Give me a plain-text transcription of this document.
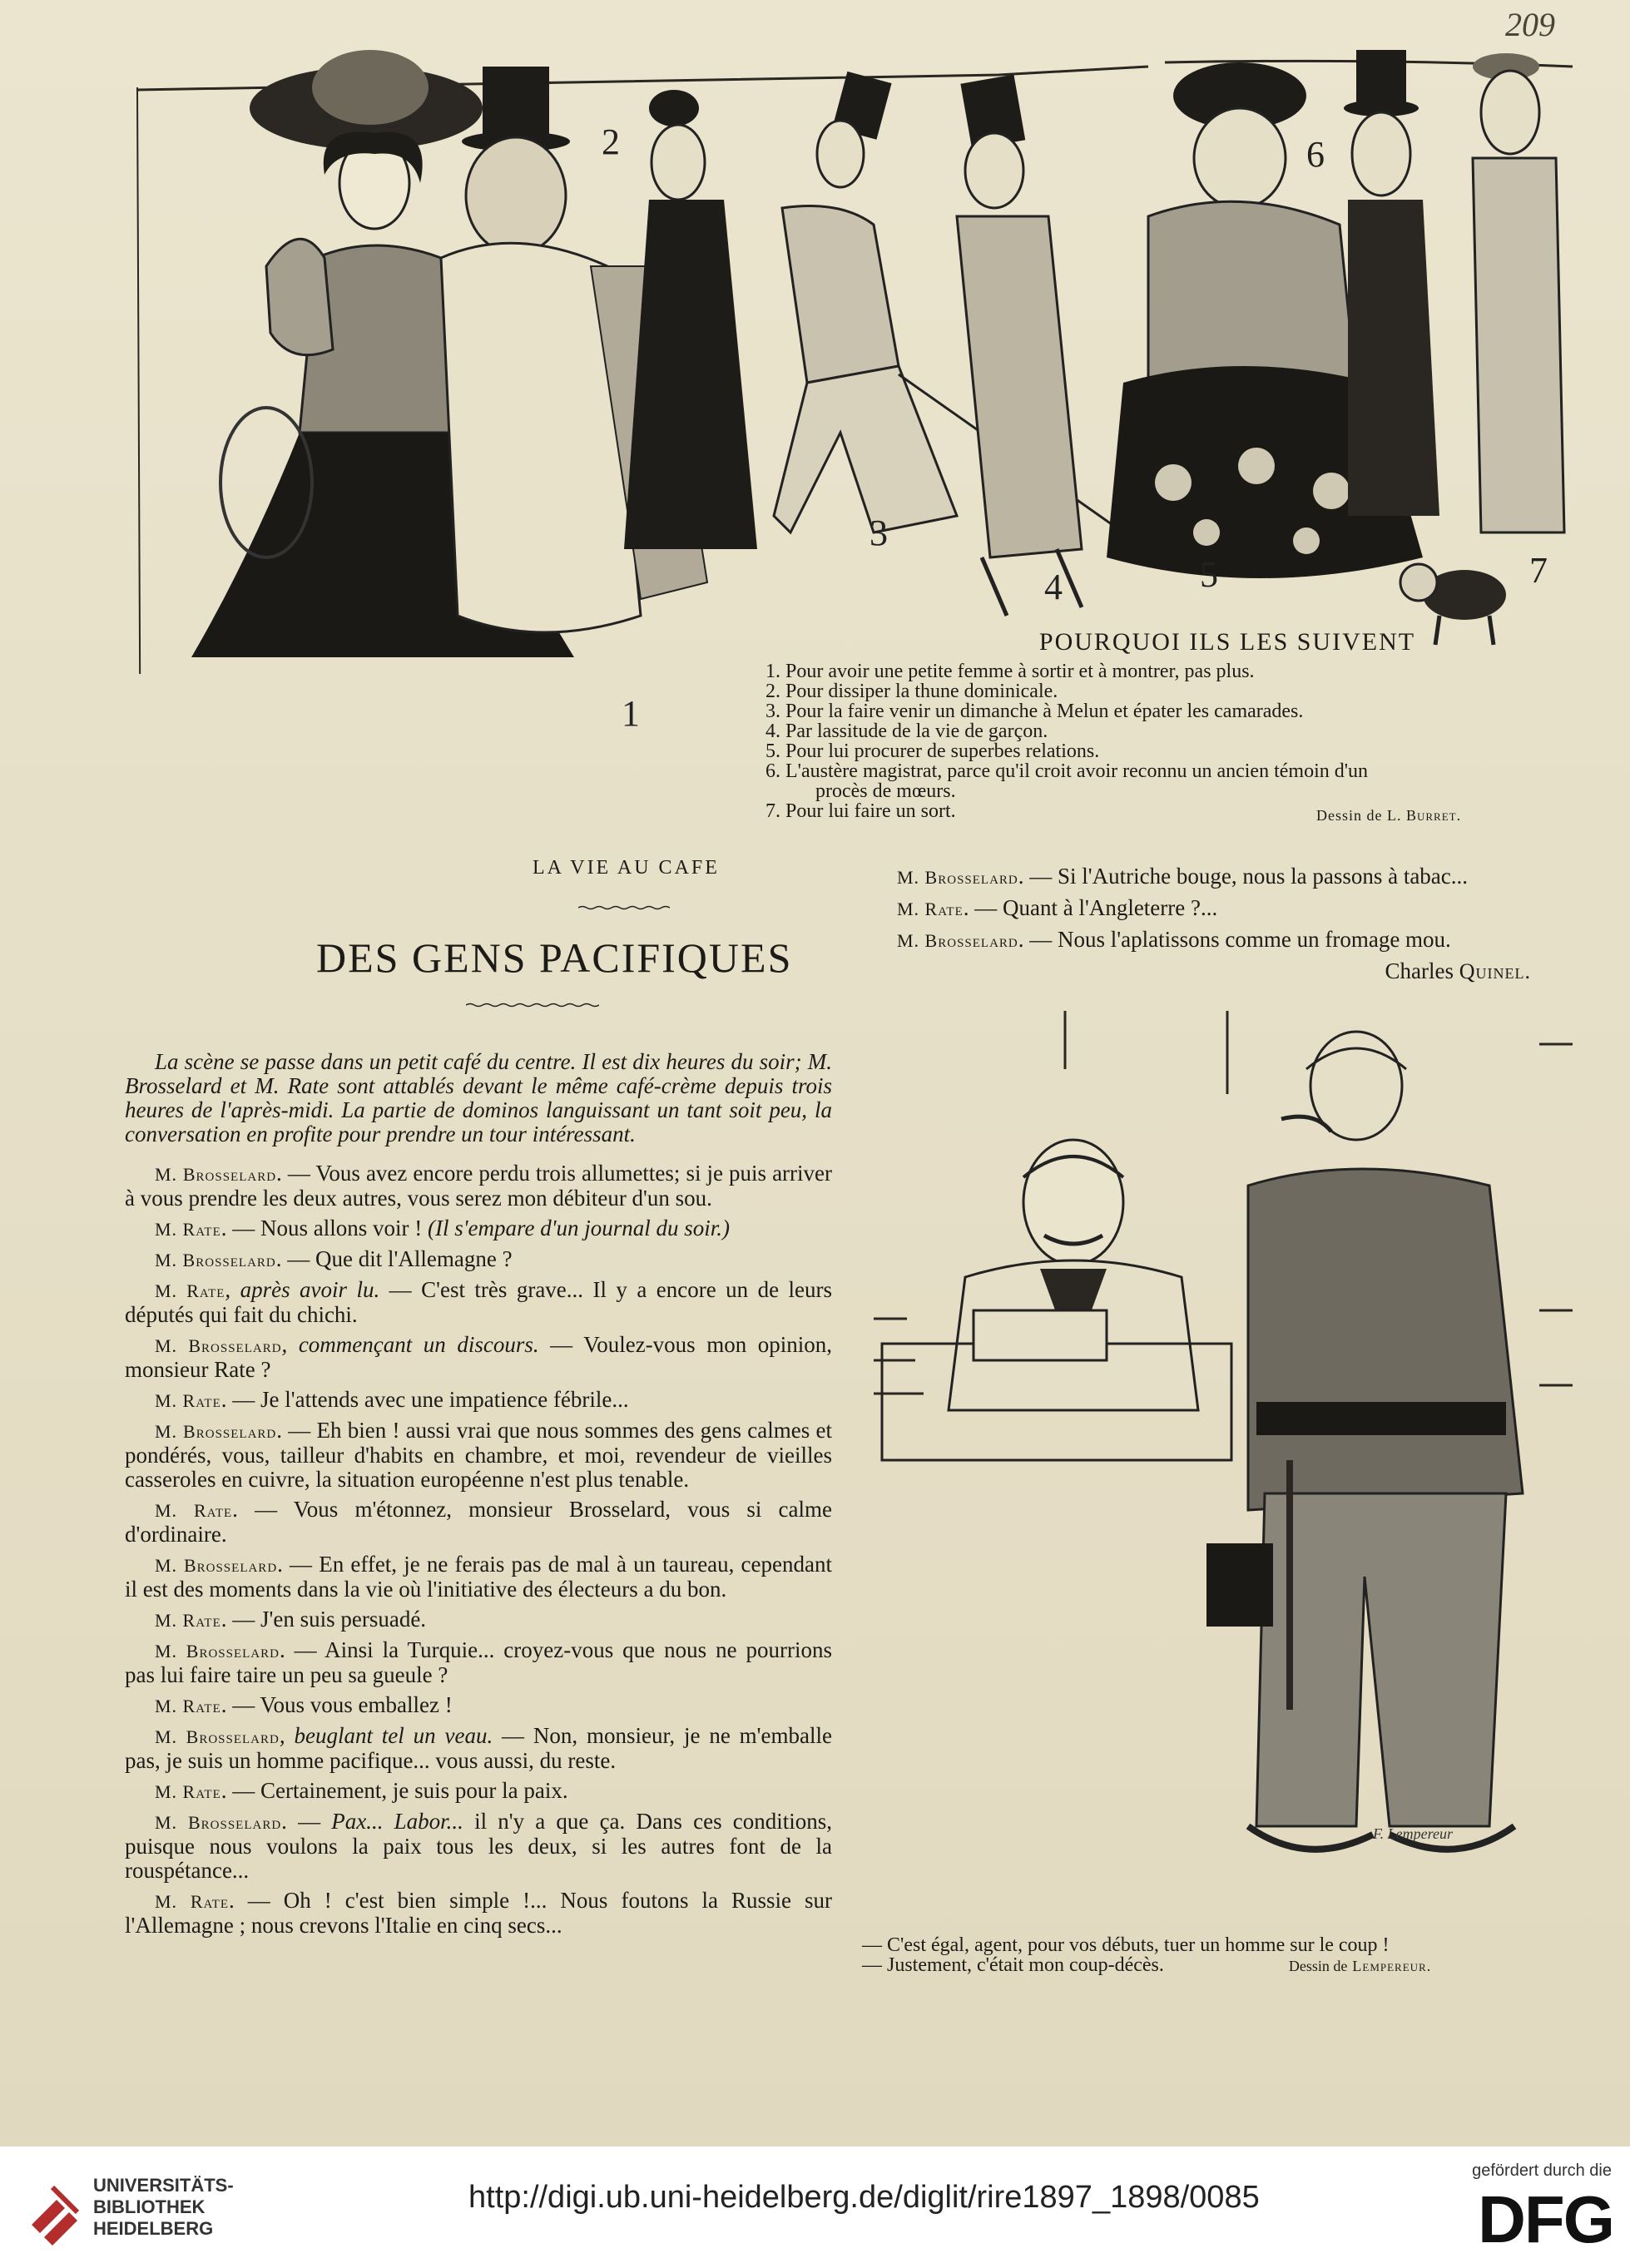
209
1
2
3
4	5
6
7
POURQUOI ILS LES SUIVENT
1. Pour avoir une petite femme à sortir et à montrer, pas plus.
2. Pour dissiper la thune dominicale.
3. Pour la faire venir un dimanche à Melun et épater les camarades.
4. Par lassitude de la vie de garçon.
5. Pour lui procurer de superbes relations.
6. L'austère magistrat, parce qu'il croit avoir reconnu un ancien témoin d'un
procès de mœurs.
7. Pour lui faire un sort.	Dessin de L. Burret.
LA VIE AU CAFE
DES GENS PACIFIQUES

La scène se passe dans un petit café du centre. Il est dix heures du soir; M. Brosselard et M. Rate sont attablés devant le même café-crème depuis trois heures de l'après-midi. La partie de dominos languissant un tant soit peu, la conversation en profite pour prendre un tour intéressant.

M. Brosselard. — Vous avez encore perdu trois allumettes; si je puis arriver à vous prendre les deux autres, vous serez mon débiteur d'un sou.

M. Rate. — Nous allons voir ! (Il s'empare d'un journal du soir.)

M. Brosselard. — Que dit l'Allemagne ?

M. Rate, après avoir lu. — C'est très grave... Il y a encore un de leurs députés qui fait du chichi.

M. Brosselard, commençant un discours. — Voulez-vous mon opinion, monsieur Rate ?

M. Rate. — Je l'attends avec une impatience fébrile...

M. Brosselard. — Eh bien ! aussi vrai que nous sommes des gens calmes et pondérés, vous, tailleur d'habits en chambre, et moi, revendeur de vieilles casseroles en cuivre, la situation européenne n'est plus tenable.

M. Rate. — Vous m'étonnez, monsieur Brosselard, vous si calme d'ordinaire.

M. Brosselard. — En effet, je ne ferais pas de mal à un taureau, cependant il est des moments dans la vie où l'initiative des électeurs a du bon.

M. Rate. — J'en suis persuadé.

M. Brosselard. — Ainsi la Turquie... croyez-vous que nous ne pourrions pas lui faire taire un peu sa gueule ?

M. Rate. — Vous vous emballez !

M. Brosselard, beuglant tel un veau. — Non, monsieur, je ne m'emballe pas, je suis un homme pacifique... vous aussi, du reste.

M. Rate. — Certainement, je suis pour la paix.

M. Brosselard. — Pax... Labor... il n'y a que ça. Dans ces conditions, puisque nous voulons la paix tous les deux, si les autres font de la rouspétance...

M. Rate. — Oh ! c'est bien simple !... Nous foutons la Russie sur l'Allemagne ; nous crevons l'Italie en cinq secs...

M. Brosselard. — Si l'Autriche bouge, nous la passons à tabac...

M. Rate. — Quant à l'Angleterre ?...

M. Brosselard. — Nous l'aplatissons comme un fromage mou.

Charles Quinel.

F. Lempereur

— C'est égal, agent, pour vos débuts, tuer un homme sur le coup !

— Justement, c'était mon coup-décès.	Dessin de Lempereur.

UNIVERSITÄTS-
BIBLIOTHEK
HEIDELBERG
http://digi.ub.uni-heidelberg.de/diglit/rire1897_1898/0085
gefördert durch die
DFG
